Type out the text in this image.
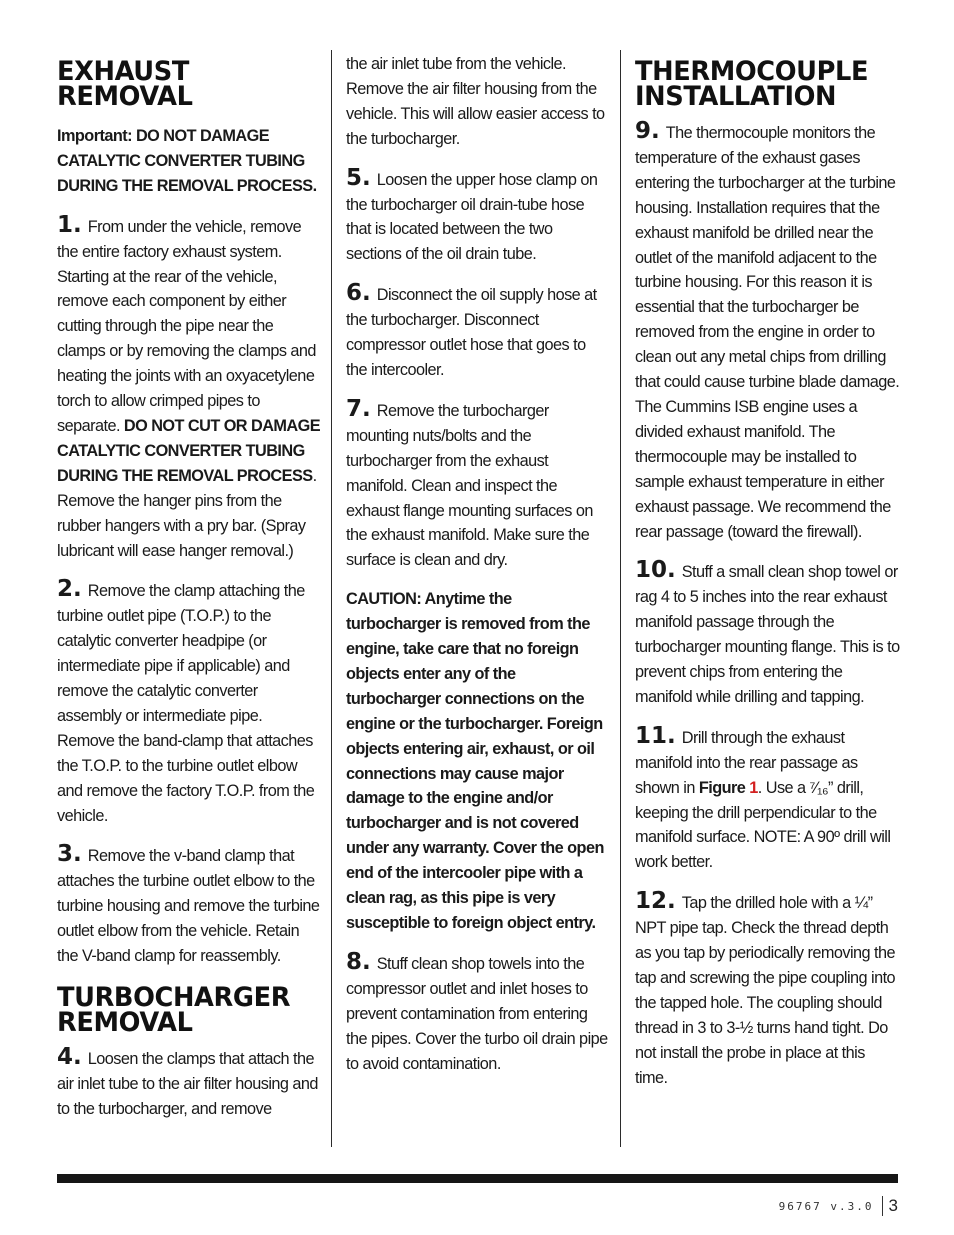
EXHAUST REMOVAL

Important: DO NOT DAMAGE CATALYTIC CONVERTER TUBING DURING THE REMOVAL PROCESS.

1. From under the vehicle, remove the entire factory exhaust system. Starting at the rear of the vehicle, remove each component by either cutting through the pipe near the clamps or by removing the clamps and heating the joints with an oxyacetylene torch to allow crimped pipes to separate. DO NOT CUT OR DAMAGE CATALYTIC CONVERTER TUBING DURING THE REMOVAL PROCESS. Remove the hanger pins from the rubber hangers with a pry bar. (Spray lubricant will ease hanger removal.)

2. Remove the clamp attaching the turbine outlet pipe (T.O.P.) to the catalytic converter headpipe (or intermediate pipe if applicable) and remove the catalytic converter assembly or intermediate pipe. Remove the band-clamp that attaches the T.O.P. to the turbine outlet elbow and remove the factory T.O.P. from the vehicle.

3. Remove the v-band clamp that attaches the turbine outlet elbow to the turbine housing and remove the turbine outlet elbow from the vehicle. Retain the V-band clamp for reassembly.

TURBOCHARGER
REMOVAL

4. Loosen the clamps that attach the air inlet tube to the air filter housing and to the turbocharger, and remove

the air inlet tube from the vehicle. Remove the air filter housing from the vehicle. This will allow easier access to the turbocharger.

5. Loosen the upper hose clamp on the turbocharger oil drain-tube hose that is located between the two sections of the oil drain tube.

6. Disconnect the oil supply hose at the turbocharger. Disconnect compressor outlet hose that goes to the intercooler.

7. Remove the turbocharger mounting nuts/bolts and the turbocharger from the exhaust manifold. Clean and inspect the exhaust flange mounting surfaces on the exhaust manifold. Make sure the surface is clean and dry.

CAUTION: Anytime the turbocharger is removed from the engine, take care that no foreign objects enter any of the turbocharger connections on the engine or the turbocharger. Foreign objects entering air, exhaust, or oil connections may cause major damage to the engine and/or turbocharger and is not covered under any warranty. Cover the open end of the intercooler pipe with a clean rag, as this pipe is very susceptible to foreign object entry.

8. Stuff clean shop towels into the compressor outlet and inlet hoses to prevent contamination from entering the pipes. Cover the turbo oil drain pipe to avoid contamination.

THERMOCOUPLE
INSTALLATION

9. The thermocouple monitors the temperature of the exhaust gases entering the turbocharger at the turbine housing. Installation requires that the exhaust manifold be drilled near the outlet of the manifold adjacent to the turbine housing. For this reason it is essential that the turbocharger be removed from the engine in order to clean out any metal chips from drilling that could cause turbine blade damage.

The Cummins ISB engine uses a divided exhaust manifold. The thermocouple may be installed to sample exhaust temperature in either exhaust passage. We recommend the rear passage (toward the firewall).

10. Stuff a small clean shop towel or rag 4 to 5 inches into the rear exhaust manifold passage through the turbocharger mounting flange. This is to prevent chips from entering the manifold while drilling and tapping.

11. Drill through the exhaust manifold into the rear passage as shown in Figure 1. Use a ⁷⁄₁₆” drill, keeping the drill perpendicular to the manifold surface. NOTE: A 90º drill will work better.

12. Tap the drilled hole with a ¼” NPT pipe tap. Check the thread depth as you tap by periodically removing the tap and screwing the pipe coupling into the tapped hole. The coupling should thread in 3 to 3-½ turns hand tight. Do not install the probe in place at this time.

96767 v.3.0 3
